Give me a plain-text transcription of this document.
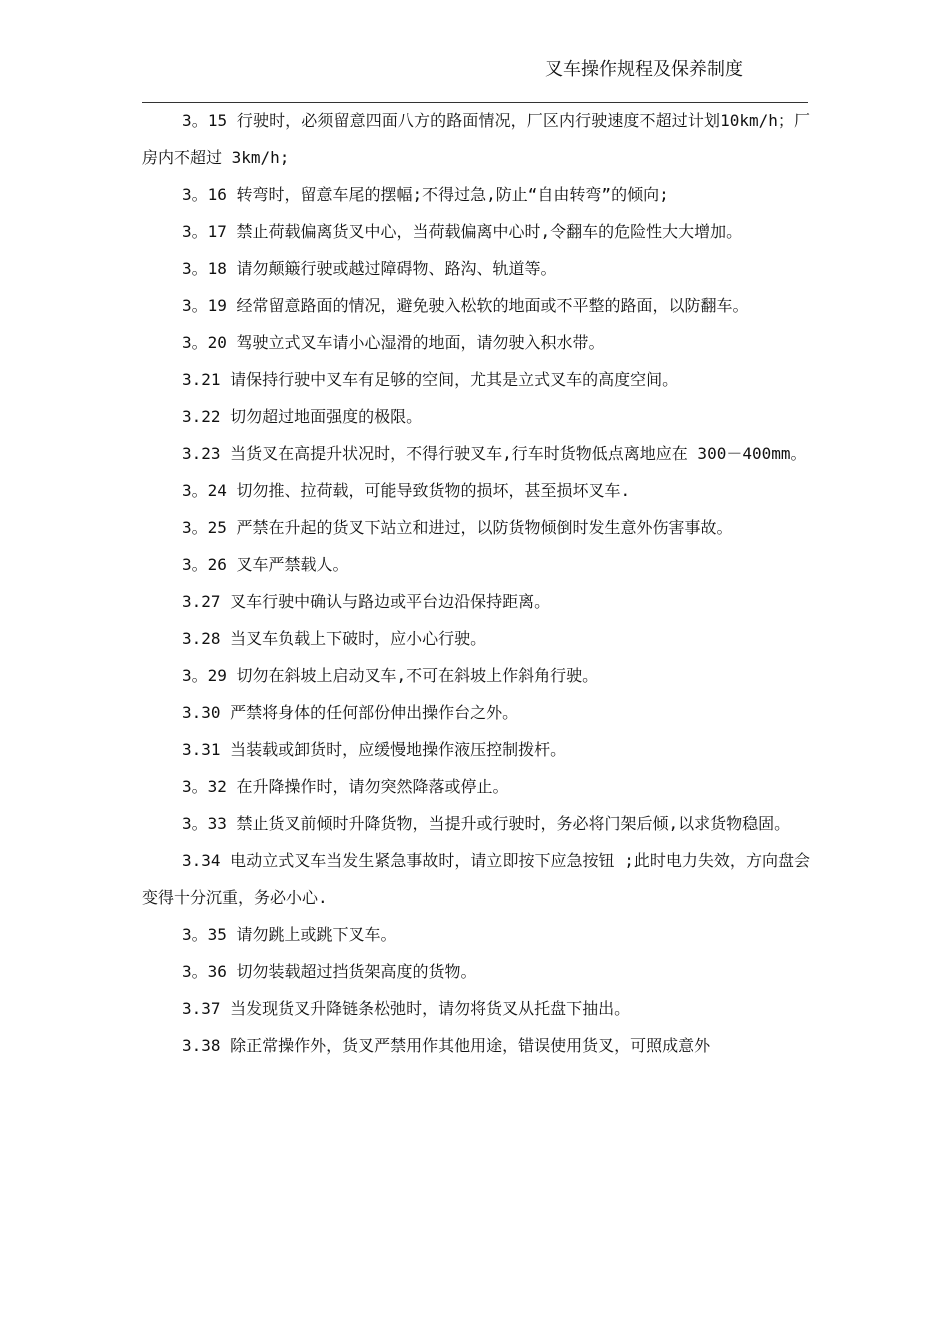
叉车操作规程及保养制度

3。15 行驶时，必须留意四面八方的路面情况，厂区内行驶速度不超过计划10km/h；厂房内不超过 3km/h;

3。16 转弯时，留意车尾的摆幅;不得过急,防止“自由转弯”的倾向;

3。17 禁止荷载偏离货叉中心，当荷载偏离中心时,令翻车的危险性大大增加。

3。18 请勿颠簸行驶或越过障碍物、路沟、轨道等。

3。19 经常留意路面的情况，避免驶入松软的地面或不平整的路面，以防翻车。

3。20 驾驶立式叉车请小心湿滑的地面，请勿驶入积水带。

3.21 请保持行驶中叉车有足够的空间，尤其是立式叉车的高度空间。

3.22 切勿超过地面强度的极限。

3.23 当货叉在高提升状况时，不得行驶叉车,行车时货物低点离地应在 300－400mm。

3。24 切勿推、拉荷载，可能导致货物的损坏，甚至损坏叉车.

3。25 严禁在升起的货叉下站立和进过，以防货物倾倒时发生意外伤害事故。

3。26 叉车严禁载人。

3.27 叉车行驶中确认与路边或平台边沿保持距离。

3.28 当叉车负载上下破时，应小心行驶。

3。29 切勿在斜坡上启动叉车,不可在斜坡上作斜角行驶。

3.30 严禁将身体的任何部份伸出操作台之外。

3.31 当装载或卸货时，应缓慢地操作液压控制拨杆。

3。32 在升降操作时，请勿突然降落或停止。

3。33 禁止货叉前倾时升降货物，当提升或行驶时，务必将门架后倾,以求货物稳固。

3.34 电动立式叉车当发生紧急事故时，请立即按下应急按钮 ;此时电力失效，方向盘会变得十分沉重，务必小心.

3。35 请勿跳上或跳下叉车。

3。36 切勿装载超过挡货架高度的货物。

3.37 当发现货叉升降链条松弛时，请勿将货叉从托盘下抽出。

3.38 除正常操作外，货叉严禁用作其他用途，错误使用货叉，可照成意外
